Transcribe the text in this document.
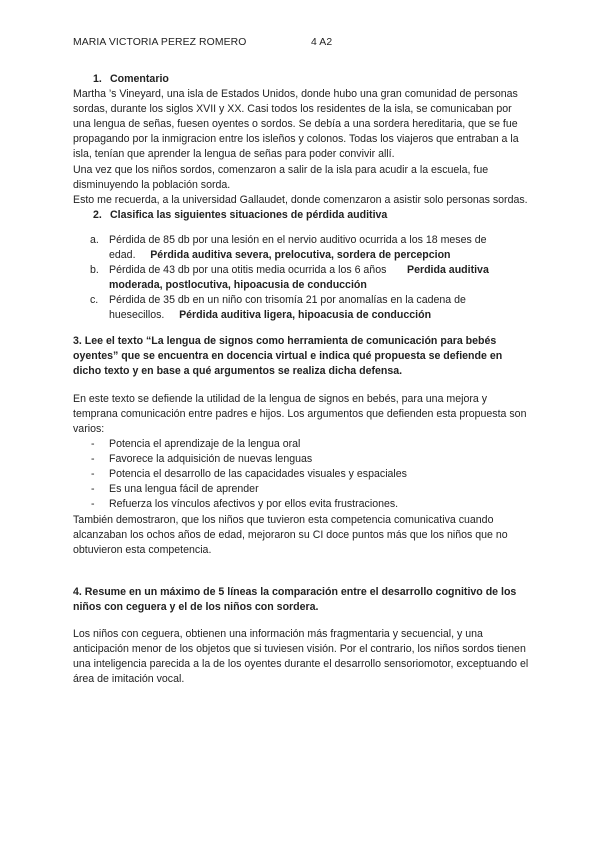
MARIA VICTORIA PEREZ ROMERO	4 A2

1. Comentario

Martha ’s Vineyard, una isla de Estados Unidos, donde hubo una gran comunidad de personas sordas, durante los siglos XVII y XX. Casi todos los residentes de la isla, se comunicaban por una lengua de señas, fuesen oyentes o sordos. Se debía a una sordera hereditaria, que se fue propagando por la inmigracion entre los isleños y colonos. Todas los viajeros que entraban a la isla, tenían que aprender la lengua de señas para poder convivir allí.

Una vez que los niños sordos, comenzaron a salir de la isla para acudir a la escuela, fue disminuyendo la población sorda.

Esto me recuerda, a la universidad Gallaudet, donde comenzaron a asistir solo personas sordas.

2. Clasifica las siguientes situaciones de pérdida auditiva

a. Pérdida de 85 db por una lesión en el nervio auditivo ocurrida a los 18 meses de edad. Pérdida auditiva severa, prelocutiva, sordera de percepcion
b. Pérdida de 43 db por una otitis media ocurrida a los 6 años Perdida auditiva moderada, postlocutiva, hipoacusia de conducción
c. Pérdida de 35 db en un niño con trisomía 21 por anomalías en la cadena de huesecillos. Pérdida auditiva ligera, hipoacusia de conducción

3. Lee el texto “La lengua de signos como herramienta de comunicación para bebés oyentes” que se encuentra en docencia virtual e indica qué propuesta se defiende en dicho texto y en base a qué argumentos se realiza dicha defensa.

En este texto se defiende la utilidad de la lengua de signos en bebés, para una mejora y temprana comunicación entre padres e hijos. Los argumentos que defienden esta propuesta son varios:

- Potencia el aprendizaje de la lengua oral
- Favorece la adquisición de nuevas lenguas
- Potencia el desarrollo de las capacidades visuales y espaciales
- Es una lengua fácil de aprender
- Refuerza los vínculos afectivos y por ellos evita frustraciones.

También demostraron, que los niños que tuvieron esta competencia comunicativa cuando alcanzaban los ochos años de edad, mejoraron su CI doce puntos más que los niños que no obtuvieron esta competencia.

4. Resume en un máximo de 5 líneas la comparación entre el desarrollo cognitivo de los niños con ceguera y el de los niños con sordera.

Los niños con ceguera, obtienen una información más fragmentaria y secuencial, y una anticipación menor de los objetos que si tuviesen visión. Por el contrario, los niños sordos tienen una inteligencia parecida a la de los oyentes durante el desarrollo sensoriomotor, exceptuando el área de imitación vocal.
